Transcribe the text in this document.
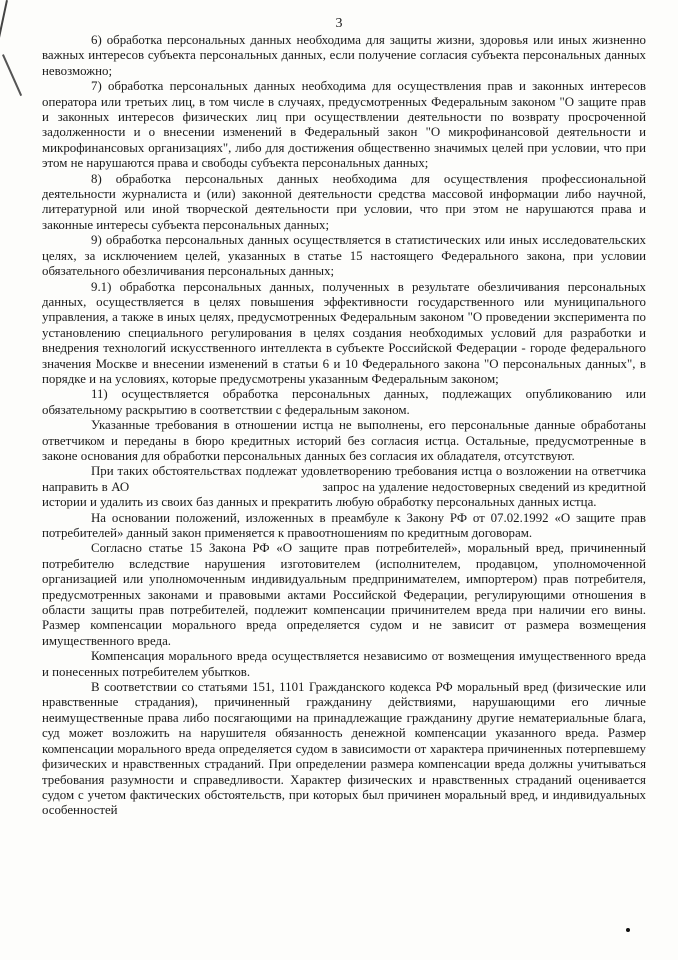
3

6) обработка персональных данных необходима для защиты жизни, здоровья или иных жизненно важных интересов субъекта персональных данных, если получение согласия субъекта персональных данных невозможно;

7) обработка персональных данных необходима для осуществления прав и законных интересов оператора или третьих лиц, в том числе в случаях, предусмотренных Федеральным законом "О защите прав и законных интересов физических лиц при осуществлении деятельности по возврату просроченной задолженности и о внесении изменений в Федеральный закон "О микрофинансовой деятельности и микрофинансовых организациях", либо для достижения общественно значимых целей при условии, что при этом не нарушаются права и свободы субъекта персональных данных;

8) обработка персональных данных необходима для осуществления профессиональной деятельности журналиста и (или) законной деятельности средства массовой информации либо научной, литературной или иной творческой деятельности при условии, что при этом не нарушаются права и законные интересы субъекта персональных данных;

9) обработка персональных данных осуществляется в статистических или иных исследовательских целях, за исключением целей, указанных в статье 15 настоящего Федерального закона, при условии обязательного обезличивания персональных данных;

9.1) обработка персональных данных, полученных в результате обезличивания персональных данных, осуществляется в целях повышения эффективности государственного или муниципального управления, а также в иных целях, предусмотренных Федеральным законом "О проведении эксперимента по установлению специального регулирования в целях создания необходимых условий для разработки и внедрения технологий искусственного интеллекта в субъекте Российской Федерации - городе федерального значения Москве и внесении изменений в статьи 6 и 10 Федерального закона "О персональных данных", в порядке и на условиях, которые предусмотрены указанным Федеральным законом;

11) осуществляется обработка персональных данных, подлежащих опубликованию или обязательному раскрытию в соответствии с федеральным законом.

Указанные требования в отношении истца не выполнены, его персональные данные обработаны ответчиком и переданы в бюро кредитных историй без согласия истца. Остальные, предусмотренные в законе основания для обработки персональных данных без согласия их обладателя, отсутствуют.

При таких обстоятельствах подлежат удовлетворению требования истца о возложении на ответчика направить в АО                                                      запрос на удаление недостоверных сведений из кредитной истории и удалить из своих баз данных и прекратить любую обработку персональных данных истца.

На основании положений, изложенных в преамбуле к Закону РФ от 07.02.1992 «О защите прав потребителей» данный закон применяется к правоотношениям по кредитным договорам.

Согласно статье 15 Закона РФ «О защите прав потребителей», моральный вред, причиненный потребителю вследствие нарушения изготовителем (исполнителем, продавцом, уполномоченной организацией или уполномоченным индивидуальным предпринимателем, импортером) прав потребителя, предусмотренных законами и правовыми актами Российской Федерации, регулирующими отношения в области защиты прав потребителей, подлежит компенсации причинителем вреда при наличии его вины. Размер компенсации морального вреда определяется судом и не зависит от размера возмещения имущественного вреда.

Компенсация морального вреда осуществляется независимо от возмещения имущественного вреда и понесенных потребителем убытков.

В соответствии со статьями 151, 1101 Гражданского кодекса РФ моральный вред (физические или нравственные страдания), причиненный гражданину действиями, нарушающими его личные неимущественные права либо посягающими на принадлежащие гражданину другие нематериальные блага, суд может возложить на нарушителя обязанность денежной компенсации указанного вреда. Размер компенсации морального вреда определяется судом в зависимости от характера причиненных потерпевшему физических и нравственных страданий. При определении размера компенсации вреда должны учитываться требования разумности и справедливости. Характер физических и нравственных страданий оценивается судом с учетом фактических обстоятельств, при которых был причинен моральный вред, и индивидуальных особенностей
